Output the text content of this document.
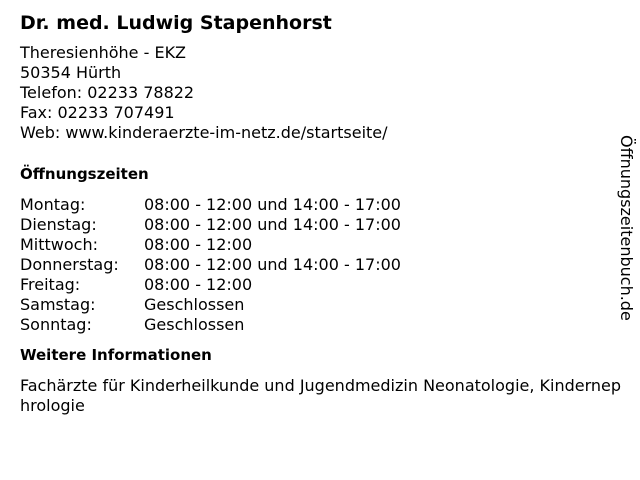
Dr. med. Ludwig Stapenhorst
Theresienhöhe - EKZ
50354 Hürth
Telefon: 02233 78822
Fax: 02233 707491
Web: www.kinderaerzte-im-netz.de/startseite/
Öffnungszeiten
Montag:	08:00 - 12:00 und 14:00 - 17:00
Dienstag:	08:00 - 12:00 und 14:00 - 17:00
Mittwoch:	08:00 - 12:00
Donnerstag:	08:00 - 12:00 und 14:00 - 17:00
Freitag:	08:00 - 12:00
Samstag:	Geschlossen
Sonntag:	Geschlossen
Weitere Informationen
Fachärzte für Kinderheilkunde und Jugendmedizin Neonatologie, Kindernephrologie
Öffnungszeitenbuch.de
